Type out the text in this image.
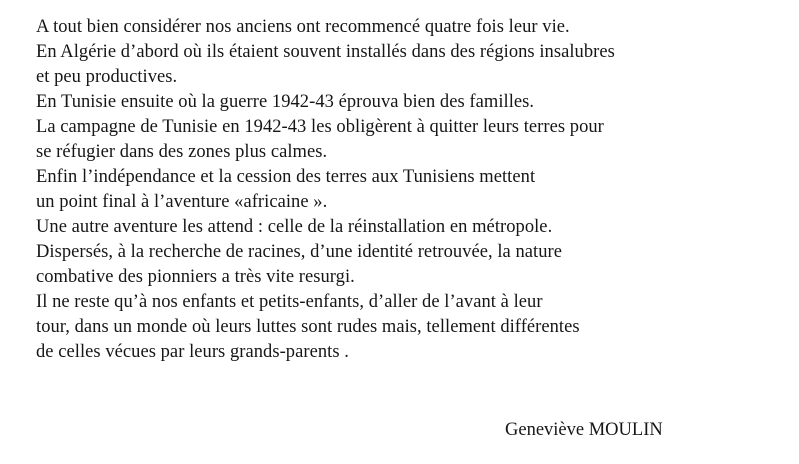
A tout bien considérer nos anciens ont recommencé quatre fois leur vie.
En Algérie d’abord où ils étaient souvent installés dans des régions insalubres
et peu productives.
En Tunisie ensuite où la guerre 1942-43 éprouva bien des familles.
La campagne de Tunisie en 1942-43 les obligèrent à quitter leurs terres pour
se réfugier dans des zones plus calmes.
Enfin l’indépendance et la cession des terres aux Tunisiens mettent
un point final à l’aventure «africaine ».
Une autre aventure les attend : celle de la réinstallation en métropole.
Dispersés, à la recherche de racines, d’une identité retrouvée, la nature
combative des pionniers a très vite resurgi.
Il ne reste qu’à nos enfants et petits-enfants, d’aller de l’avant à leur
tour, dans un monde où leurs luttes sont rudes mais, tellement différentes
de celles vécues par leurs grands-parents .
Geneviève MOULIN
